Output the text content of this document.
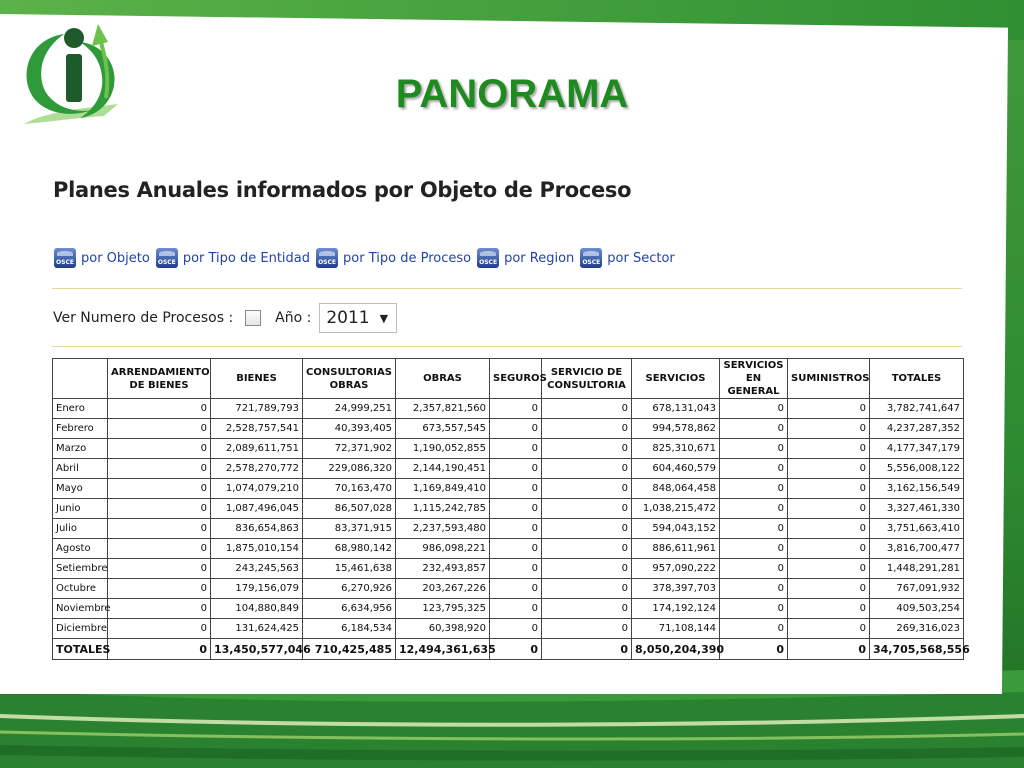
PANORAMA
Planes Anuales informados por Objeto de Proceso
OSCE por Objeto	OSCE por Tipo de Entidad	OSCE por Tipo de Proceso	OSCE por Region	OSCE por Sector
Ver Numero de Procesos :	Año : 2011 ▼
	ARRENDAMIENTO DE BIENES	BIENES	CONSULTORIAS OBRAS	OBRAS	SEGUROS	SERVICIO DE CONSULTORIA	SERVICIOS	SERVICIOS EN GENERAL	SUMINISTROS	TOTALES
Enero	0	721,789,793	24,999,251	2,357,821,560	0	0	678,131,043	0	0	3,782,741,647
Febrero	0	2,528,757,541	40,393,405	673,557,545	0	0	994,578,862	0	0	4,237,287,352
Marzo	0	2,089,611,751	72,371,902	1,190,052,855	0	0	825,310,671	0	0	4,177,347,179
Abril	0	2,578,270,772	229,086,320	2,144,190,451	0	0	604,460,579	0	0	5,556,008,122
Mayo	0	1,074,079,210	70,163,470	1,169,849,410	0	0	848,064,458	0	0	3,162,156,549
Junio	0	1,087,496,045	86,507,028	1,115,242,785	0	0	1,038,215,472	0	0	3,327,461,330
Julio	0	836,654,863	83,371,915	2,237,593,480	0	0	594,043,152	0	0	3,751,663,410
Agosto	0	1,875,010,154	68,980,142	986,098,221	0	0	886,611,961	0	0	3,816,700,477
Setiembre	0	243,245,563	15,461,638	232,493,857	0	0	957,090,222	0	0	1,448,291,281
Octubre	0	179,156,079	6,270,926	203,267,226	0	0	378,397,703	0	0	767,091,932
Noviembre	0	104,880,849	6,634,956	123,795,325	0	0	174,192,124	0	0	409,503,254
Diciembre	0	131,624,425	6,184,534	60,398,920	0	0	71,108,144	0	0	269,316,023
TOTALES	0	13,450,577,046	710,425,485	12,494,361,635	0	0	8,050,204,390	0	0	34,705,568,556
